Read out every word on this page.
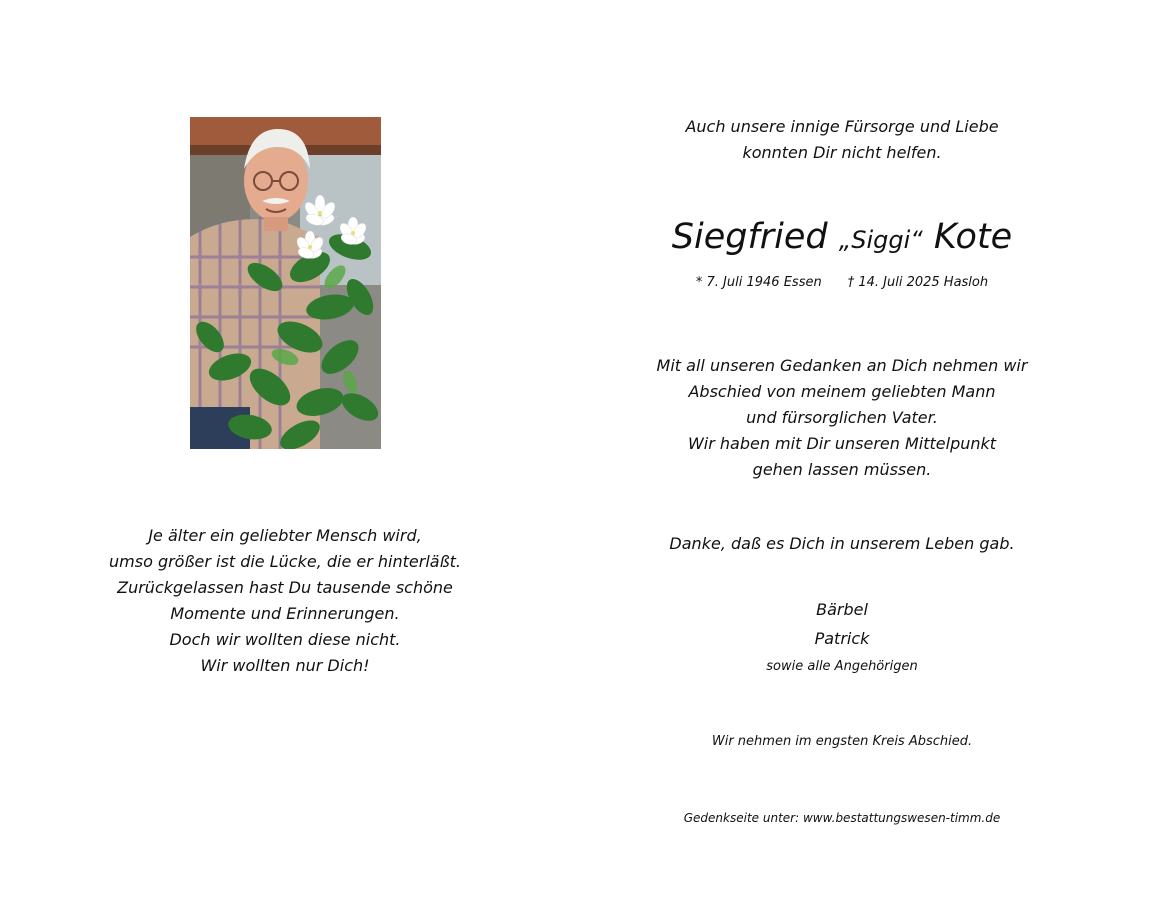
Je älter ein geliebter Mensch wird,
umso größer ist die Lücke, die er hinterläßt.
Zurückgelassen hast Du tausende schöne
Momente und Erinnerungen.
Doch wir wollten diese nicht.
Wir wollten nur Dich!
Auch unsere innige Fürsorge und Liebe
konnten Dir nicht helfen.
Siegfried „Siggi“ Kote
* 7. Juli 1946 Essen † 14. Juli 2025 Hasloh
Mit all unseren Gedanken an Dich nehmen wir
Abschied von meinem geliebten Mann
und fürsorglichen Vater.
Wir haben mit Dir unseren Mittelpunkt
gehen lassen müssen.
Danke, daß es Dich in unserem Leben gab.
Bärbel
Patrick
sowie alle Angehörigen
Wir nehmen im engsten Kreis Abschied.
Gedenkseite unter: www.bestattungswesen-timm.de
